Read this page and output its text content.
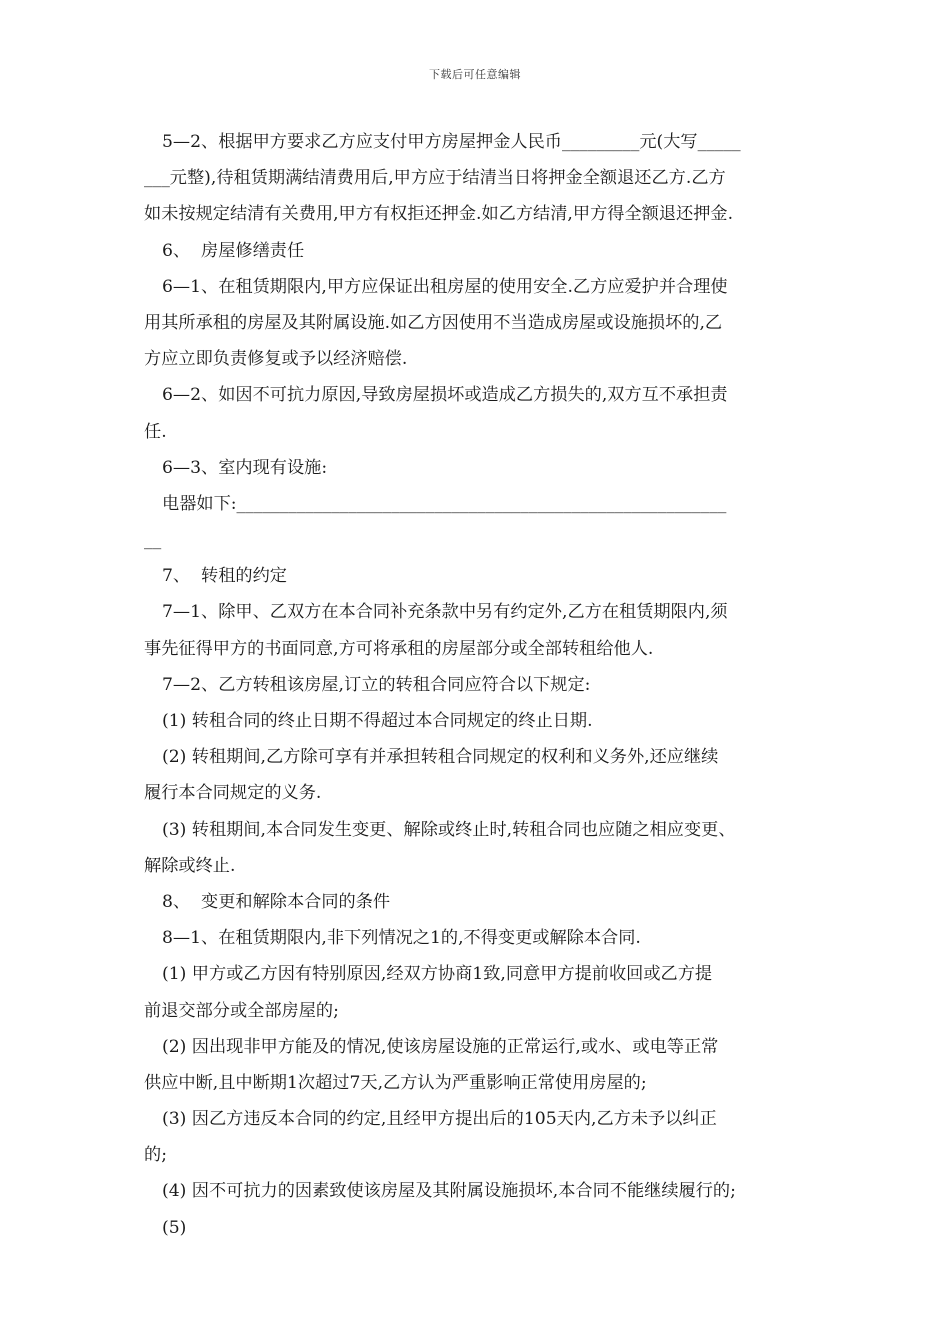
下载后可任意编辑
5—2、根据甲方要求乙方应支付甲方房屋押金人民币_________元(大写_____
___元整),待租赁期满结清费用后,甲方应于结清当日将押金全额退还乙方.乙方
如未按规定结清有关费用,甲方有权拒还押金.如乙方结清,甲方得全额退还押金.
6、  房屋修缮责任
6—1、在租赁期限内,甲方应保证出租房屋的使用安全.乙方应爱护并合理使
用其所承租的房屋及其附属设施.如乙方因使用不当造成房屋或设施损坏的,乙
方应立即负责修复或予以经济赔偿.
6—2、如因不可抗力原因,导致房屋损坏或造成乙方损失的,双方互不承担责
任.
6—3、室内现有设施:
电器如下:_________________________________________________________
__
7、  转租的约定
7—1、除甲、乙双方在本合同补充条款中另有约定外,乙方在租赁期限内,须
事先征得甲方的书面同意,方可将承租的房屋部分或全部转租给他人.
7—2、乙方转租该房屋,订立的转租合同应符合以下规定:
(1) 转租合同的终止日期不得超过本合同规定的终止日期.
(2) 转租期间,乙方除可享有并承担转租合同规定的权利和义务外,还应继续
履行本合同规定的义务.
(3) 转租期间,本合同发生变更、解除或终止时,转租合同也应随之相应变更、
解除或终止.
8、  变更和解除本合同的条件
8—1、在租赁期限内,非下列情况之1的,不得变更或解除本合同.
(1) 甲方或乙方因有特别原因,经双方协商1致,同意甲方提前收回或乙方提
前退交部分或全部房屋的;
(2) 因出现非甲方能及的情况,使该房屋设施的正常运行,或水、或电等正常
供应中断,且中断期1次超过7天,乙方认为严重影响正常使用房屋的;
(3) 因乙方违反本合同的约定,且经甲方提出后的105天内,乙方未予以纠正
的;
(4) 因不可抗力的因素致使该房屋及其附属设施损坏,本合同不能继续履行的;
(5)
